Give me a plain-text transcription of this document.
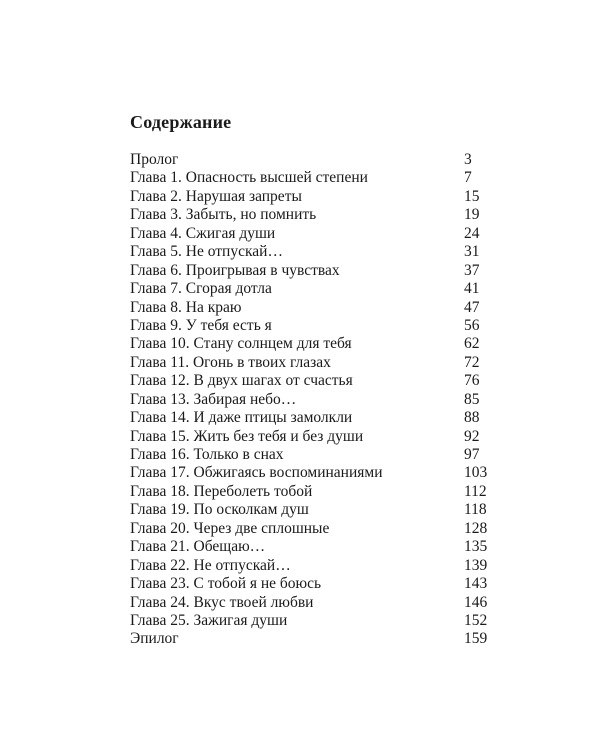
Содержание
Пролог	3
Глава 1. Опасность высшей степени	7
Глава 2. Нарушая запреты	15
Глава 3. Забыть, но помнить	19
Глава 4. Сжигая души	24
Глава 5. Не отпускай…	31
Глава 6. Проигрывая в чувствах	37
Глава 7. Сгорая дотла	41
Глава 8. На краю	47
Глава 9. У тебя есть я	56
Глава 10. Стану солнцем для тебя	62
Глава 11. Огонь в твоих глазах	72
Глава 12. В двух шагах от счастья	76
Глава 13. Забирая небо…	85
Глава 14. И даже птицы замолкли	88
Глава 15. Жить без тебя и без души	92
Глава 16. Только в снах	97
Глава 17. Обжигаясь воспоминаниями	103
Глава 18. Переболеть тобой	112
Глава 19. По осколкам душ	118
Глава 20. Через две сплошные	128
Глава 21. Обещаю…	135
Глава 22. Не отпускай…	139
Глава 23. С тобой я не боюсь	143
Глава 24. Вкус твоей любви	146
Глава 25. Зажигая души	152
Эпилог	159
